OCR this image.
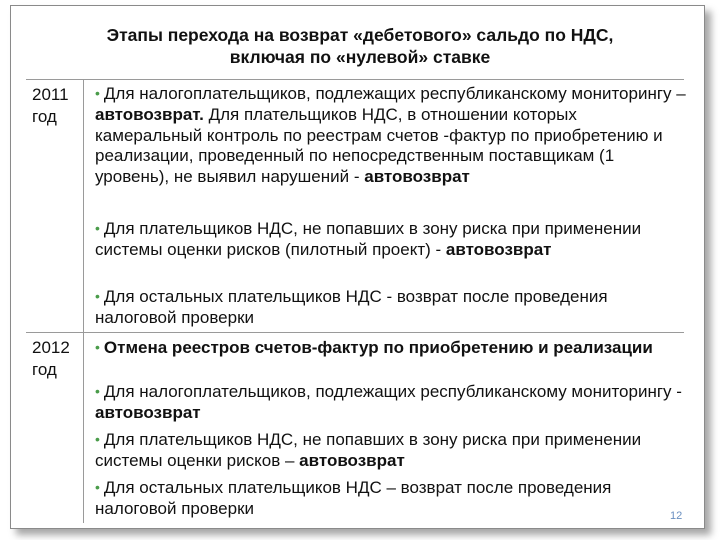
Этапы перехода на возврат «дебетового» сальдо по НДС,
включая по «нулевой» ставке
2011
год
• Для налогоплательщиков, подлежащих республиканскому мониторингу – автовозврат. Для плательщиков НДС, в отношении которых камеральный контроль по реестрам счетов -фактур по приобретению и реализации, проведенный по непосредственным поставщикам (1 уровень), не выявил нарушений - автовозврат
• Для плательщиков НДС, не попавших в зону риска при применении системы оценки рисков (пилотный проект) - автовозврат
• Для остальных плательщиков НДС - возврат после проведения налоговой проверки
2012
год
• Отмена реестров счетов-фактур по приобретению и реализации
• Для налогоплательщиков, подлежащих республиканскому мониторингу - автовозврат
• Для плательщиков НДС, не попавших в зону риска при применении системы оценки рисков – автовозврат
• Для остальных плательщиков НДС – возврат после проведения налоговой проверки	12
